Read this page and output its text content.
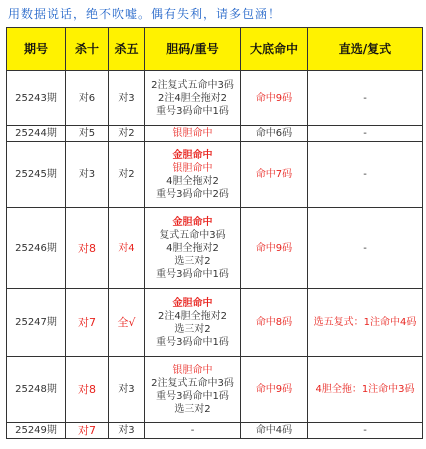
用数据说话，绝不吹嘘。偶有失利，请多包涵！
期号	杀十	杀五	胆码/重号	大底命中	直选/复式
25243期	对6	对3	2注复式五命中3码
2注4胆全拖对2
重号3码命中1码	命中9码	-
25244期	对5	对2	银胆命中	命中6码	-
25245期	对3	对2	金胆命中
银胆命中
4胆全拖对2
重号3码命中2码	命中7码	-
25246期	对8	对4	金胆命中
复式五命中3码
4胆全拖对2
选三对2
重号3码命中1码	命中9码	-
25247期	对7	全√	金胆命中
2注4胆全拖对2
选三对2
重号3码命中1码	命中8码	选五复式：1注命中4码
25248期	对8	对3	银胆命中
2注复式五命中3码
重号3码命中1码
选三对2	命中9码	4胆全拖：1注命中3码
25249期	对7	对3	-	命中4码	-
